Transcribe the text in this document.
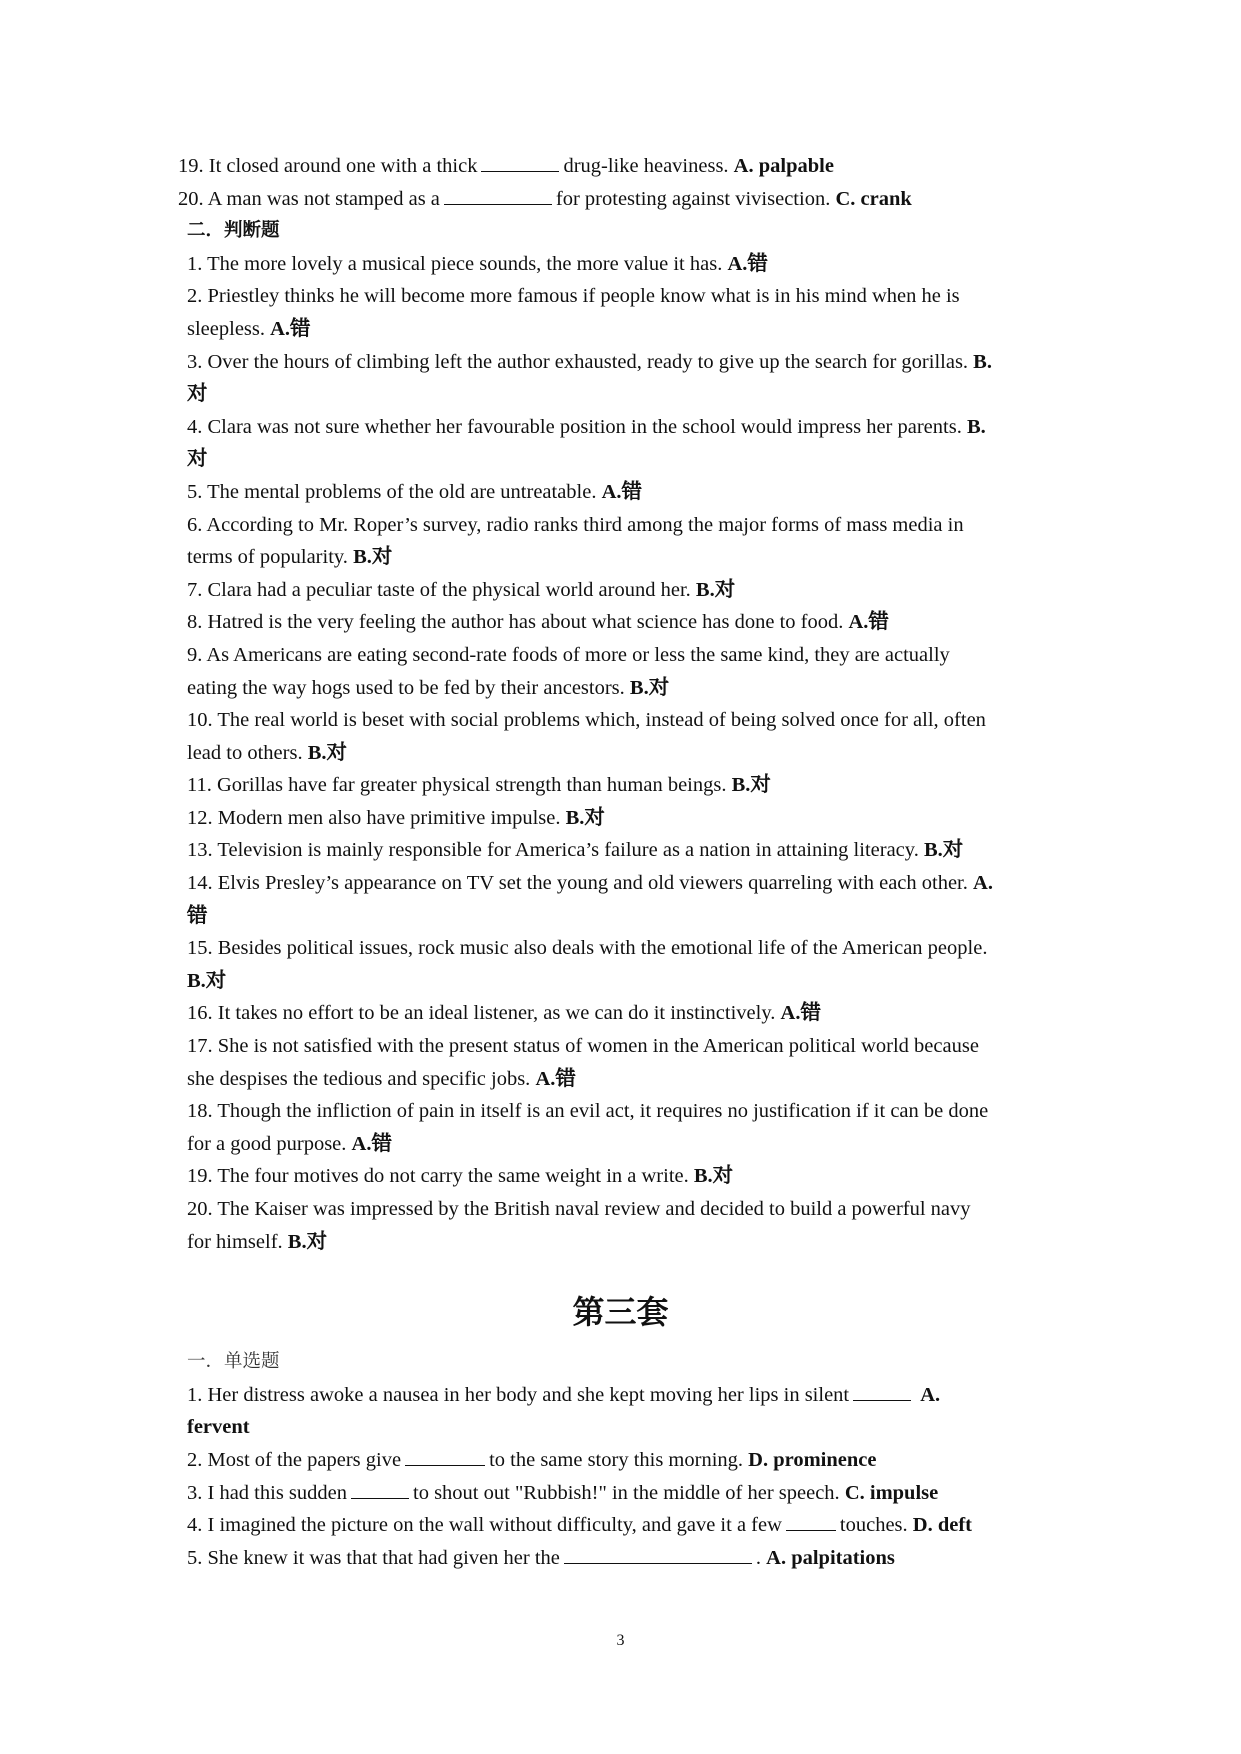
19. It closed around one with a thick	drug-like heaviness. A. palpable
20. A man was not stamped as a	for protesting against vivisection. C. crank
二．判断题
1. The more lovely a musical piece sounds, the more value it has. A.错
2. Priestley thinks he will become more famous if people know what is in his mind when he is
sleepless. A.错
3. Over the hours of climbing left the author exhausted, ready to give up the search for gorillas. B.
对
4. Clara was not sure whether her favourable position in the school would impress her parents. B.
对
5. The mental problems of the old are untreatable. A.错
6. According to Mr. Roper’s survey, radio ranks third among the major forms of mass media in
terms of popularity. B.对
7. Clara had a peculiar taste of the physical world around her. B.对
8. Hatred is the very feeling the author has about what science has done to food. A.错
9. As Americans are eating second-rate foods of more or less the same kind, they are actually
eating the way hogs used to be fed by their ancestors. B.对
10. The real world is beset with social problems which, instead of being solved once for all, often
lead to others. B.对
11. Gorillas have far greater physical strength than human beings. B.对
12. Modern men also have primitive impulse. B.对
13. Television is mainly responsible for America’s failure as a nation in attaining literacy. B.对
14. Elvis Presley’s appearance on TV set the young and old viewers quarreling with each other. A.
错
15. Besides political issues, rock music also deals with the emotional life of the American people.
B.对
16. It takes no effort to be an ideal listener, as we can do it instinctively. A.错
17. She is not satisfied with the present status of women in the American political world because
she despises the tedious and specific jobs. A.错
18. Though the infliction of pain in itself is an evil act, it requires no justification if it can be done
for a good purpose. A.错
19. The four motives do not carry the same weight in a write. B.对
20. The Kaiser was impressed by the British naval review and decided to build a powerful navy
for himself. B.对
第三套
一．单选题
1. Her distress awoke a nausea in her body and she kept moving her lips in silent	A.
fervent
2. Most of the papers give	to the same story this morning. D. prominence
3. I had this sudden	to shout out "Rubbish!" in the middle of her speech. C. impulse
4. I imagined the picture on the wall without difficulty, and gave it a few	touches. D. deft
5. She knew it was that that had given her the	. A. palpitations
3
